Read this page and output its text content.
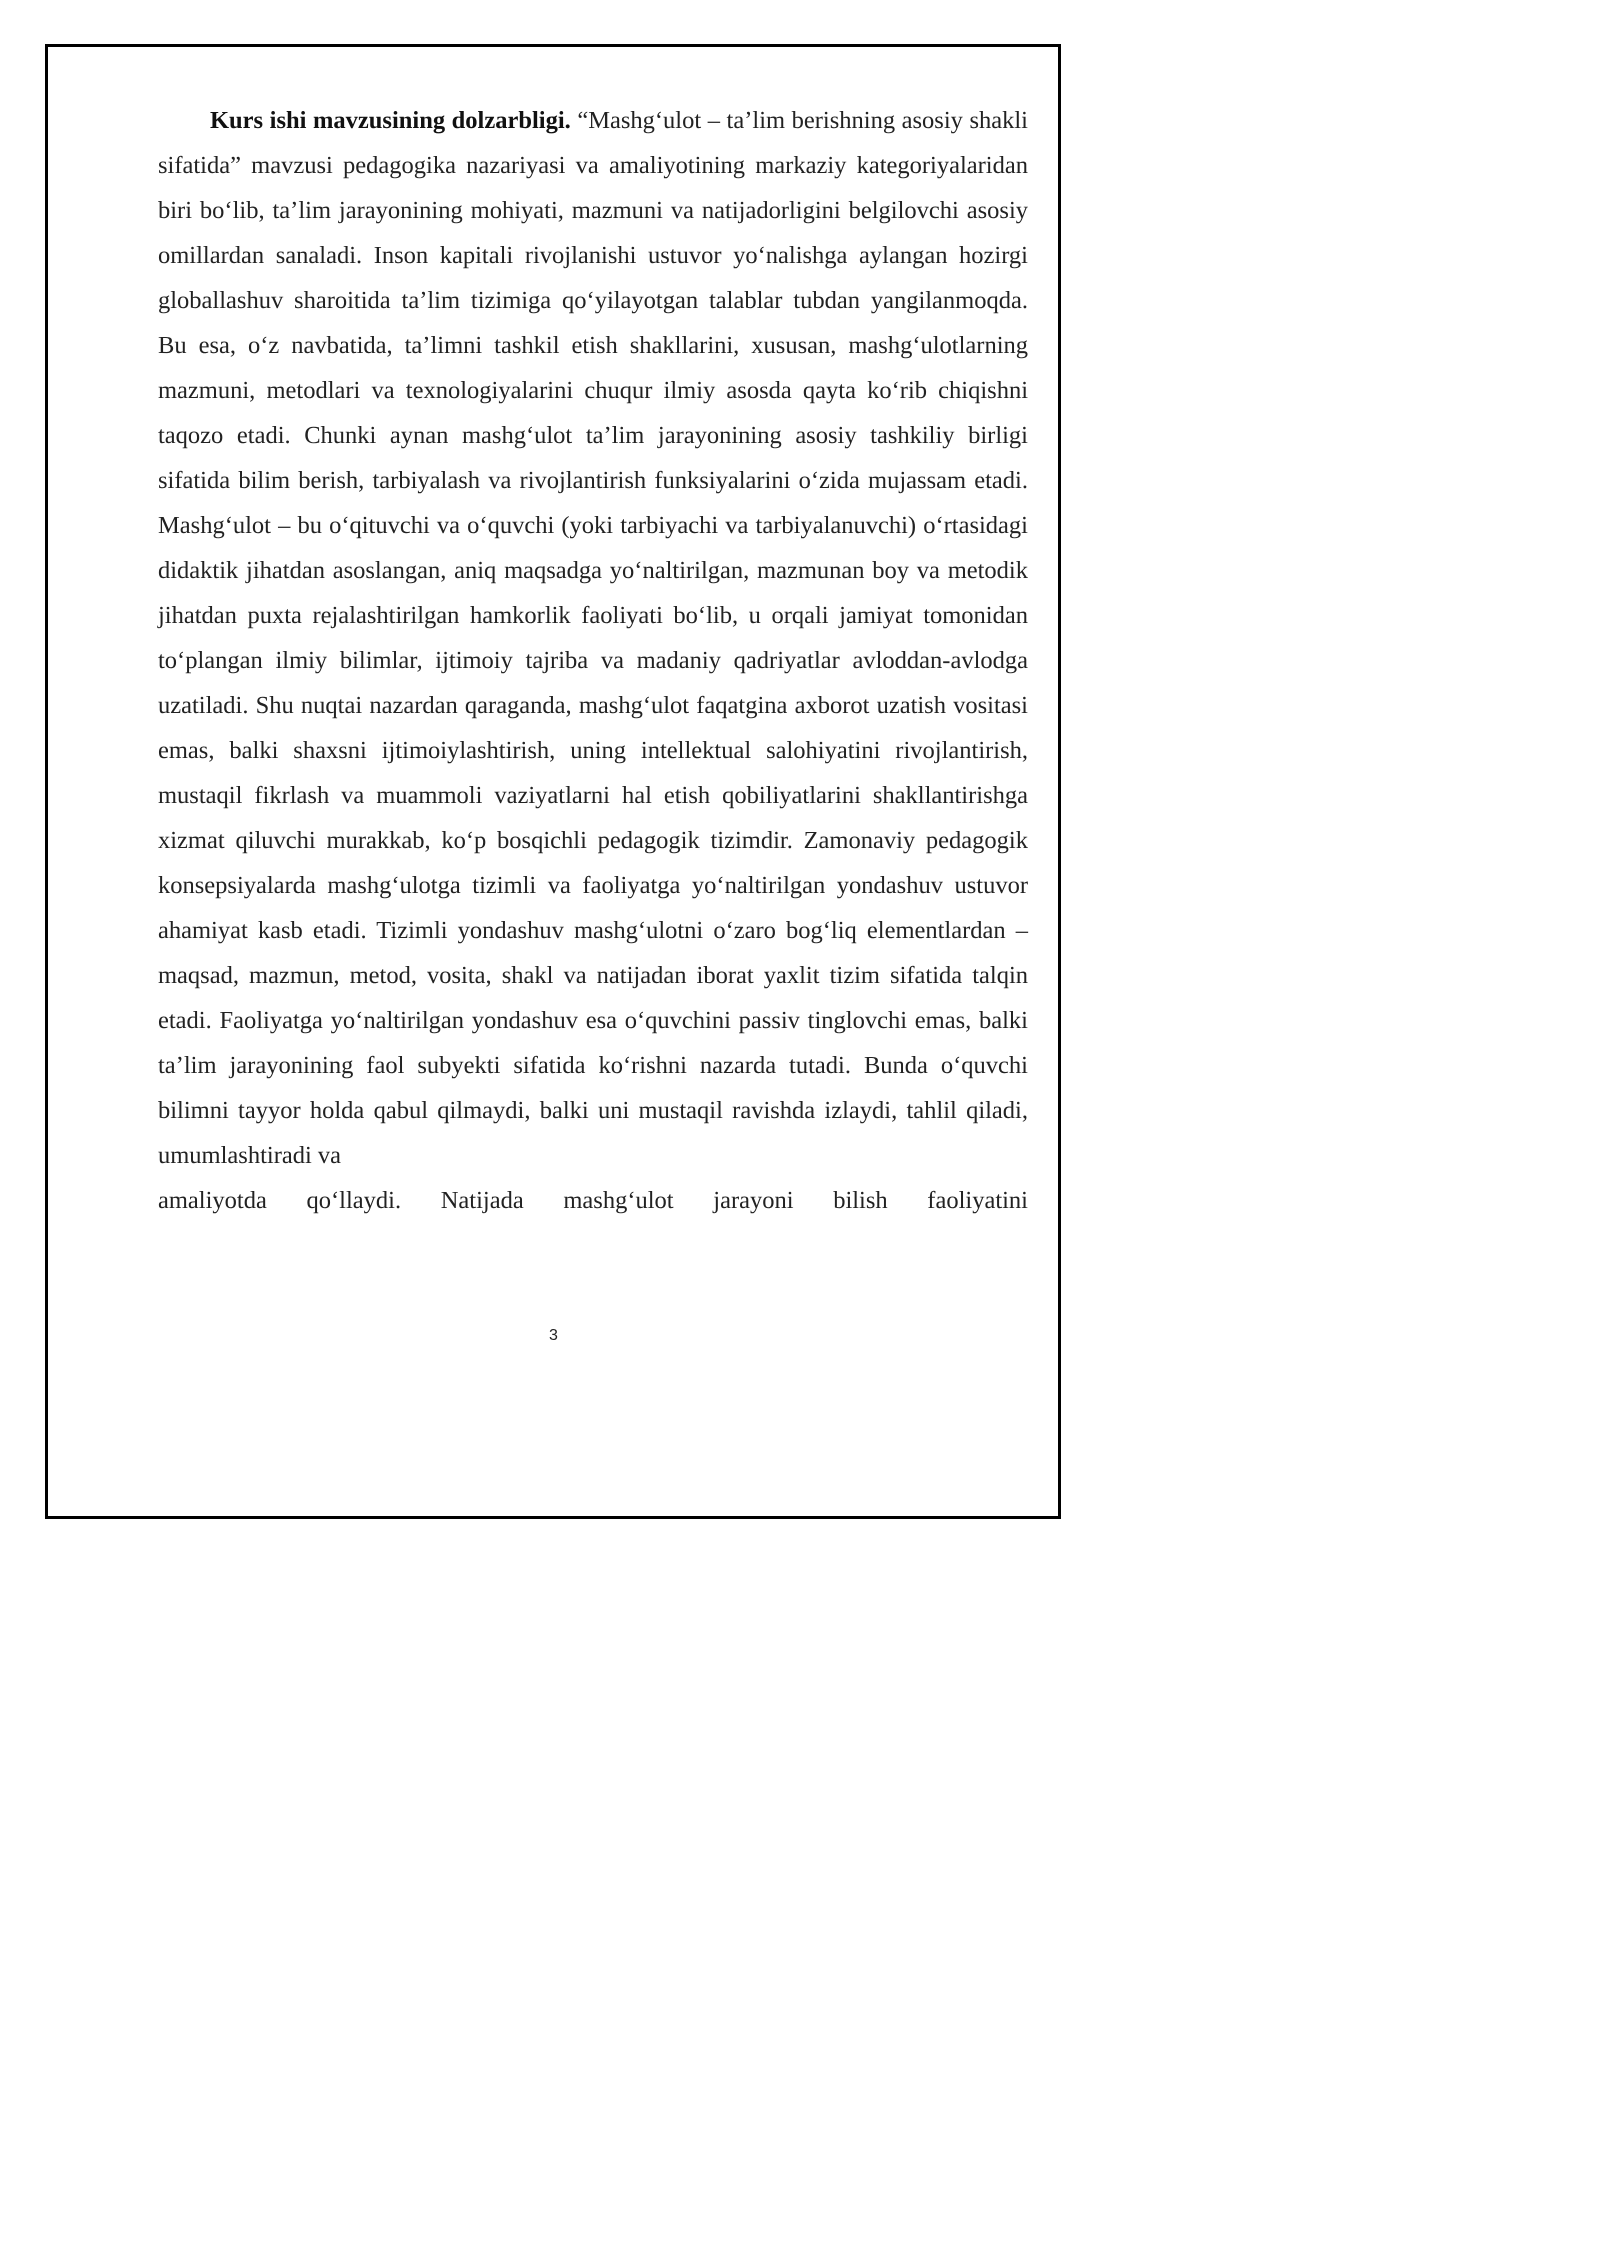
Kurs ishi mavzusining dolzarbligi. “Mashg‘ulot – ta’lim berishning asosiy shakli sifatida” mavzusi pedagogika nazariyasi va amaliyotining markaziy kategoriyalaridan biri bo‘lib, ta’lim jarayonining mohiyati, mazmuni va natijadorligini belgilovchi asosiy omillardan sanaladi. Inson kapitali rivojlanishi ustuvor yo‘nalishga aylangan hozirgi globallashuv sharoitida ta’lim tizimiga qo‘yilayotgan talablar tubdan yangilanmoqda. Bu esa, o‘z navbatida, ta’limni tashkil etish shakllarini, xususan, mashg‘ulotlarning mazmuni, metodlari va texnologiyalarini chuqur ilmiy asosda qayta ko‘rib chiqishni taqozo etadi. Chunki aynan mashg‘ulot ta’lim jarayonining asosiy tashkiliy birligi sifatida bilim berish, tarbiyalash va rivojlantirish funksiyalarini o‘zida mujassam etadi. Mashg‘ulot – bu o‘qituvchi va o‘quvchi (yoki tarbiyachi va tarbiyalanuvchi) o‘rtasidagi didaktik jihatdan asoslangan, aniq maqsadga yo‘naltirilgan, mazmunan boy va metodik jihatdan puxta rejalashtirilgan hamkorlik faoliyati bo‘lib, u orqali jamiyat tomonidan to‘plangan ilmiy bilimlar, ijtimoiy tajriba va madaniy qadriyatlar avloddan-avlodga uzatiladi. Shu nuqtai nazardan qaraganda, mashg‘ulot faqatgina axborot uzatish vositasi emas, balki shaxsni ijtimoiylashtirish, uning intellektual salohiyatini rivojlantirish, mustaqil fikrlash va muammoli vaziyatlarni hal etish qobiliyatlarini shakllantirishga xizmat qiluvchi murakkab, ko‘p bosqichli pedagogik tizimdir. Zamonaviy pedagogik konsepsiyalarda mashg‘ulotga tizimli va faoliyatga yo‘naltirilgan yondashuv ustuvor ahamiyat kasb etadi. Tizimli yondashuv mashg‘ulotni o‘zaro bog‘liq elementlardan – maqsad, mazmun, metod, vosita, shakl va natijadan iborat yaxlit tizim sifatida talqin etadi. Faoliyatga yo‘naltirilgan yondashuv esa o‘quvchini passiv tinglovchi emas, balki ta’lim jarayonining faol subyekti sifatida ko‘rishni nazarda tutadi. Bunda o‘quvchi bilimni tayyor holda qabul qilmaydi, balki uni mustaqil ravishda izlaydi, tahlil qiladi, umumlashtiradi va
amaliyotda qo‘llaydi. Natijada mashg‘ulot jarayoni bilish faoliyatini

3
